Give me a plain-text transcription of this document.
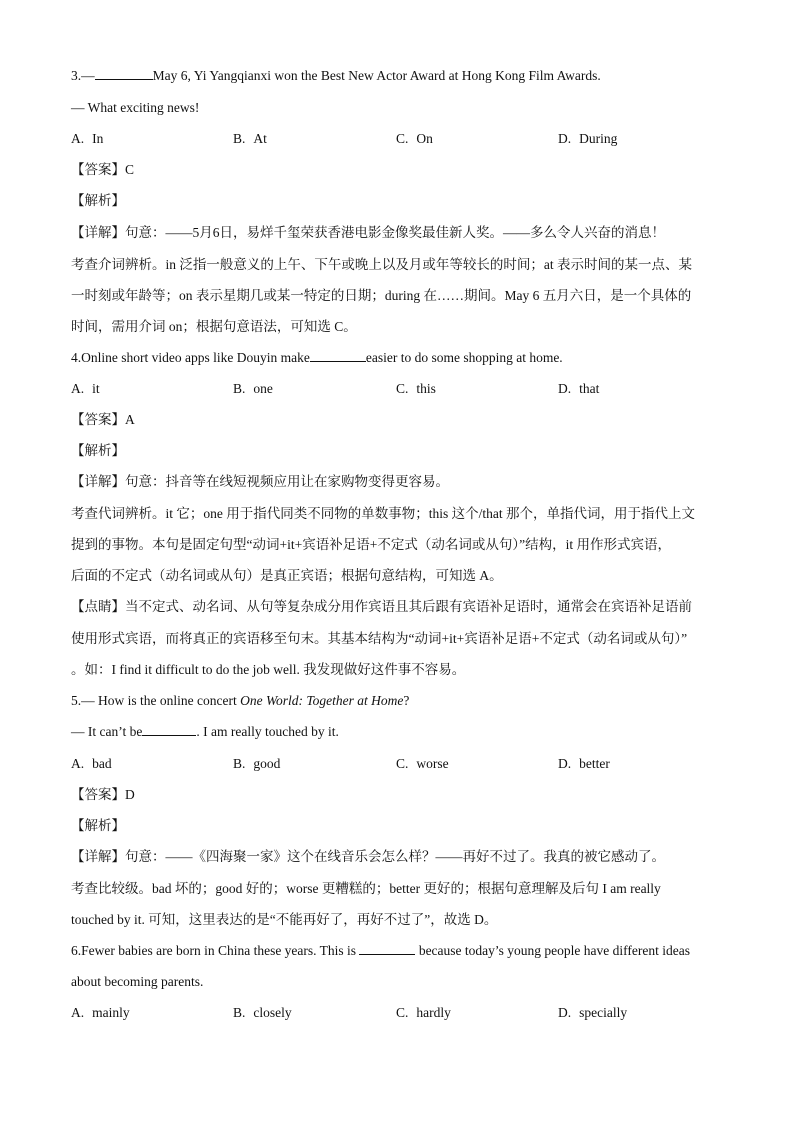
3.—	May 6, Yi Yangqianxi won the Best New Actor Award at Hong Kong Film Awards.
— What exciting news!
A. In	B. At	C. On	D. During
【答案】C
【解析】
【详解】句意：——5月6日，易烊千玺荣获香港电影金像奖最佳新人奖。——多么令人兴奋的消息！
考查介词辨析。in 泛指一般意义的上午、下午或晚上以及月或年等较长的时间；at 表示时间的某一点、某
一时刻或年龄等；on 表示星期几或某一特定的日期；during 在……期间。May 6 五月六日，是一个具体的
时间，需用介词 on；根据句意语法，可知选 C。
4.Online short video apps like Douyin make	easier to do some shopping at home.
A. it	B. one	C. this	D. that
【答案】A
【解析】
【详解】句意：抖音等在线短视频应用让在家购物变得更容易。
考查代词辨析。it 它；one 用于指代同类不同物的单数事物；this 这个/that 那个，单指代词，用于指代上文
提到的事物。本句是固定句型“动词+it+宾语补足语+不定式（动名词或从句）”结构，it 用作形式宾语，
后面的不定式（动名词或从句）是真正宾语；根据句意结构，可知选 A。
【点睛】当不定式、动名词、从句等复杂成分用作宾语且其后跟有宾语补足语时，通常会在宾语补足语前
使用形式宾语，而将真正的宾语移至句末。其基本结构为“动词+it+宾语补足语+不定式（动名词或从句）”
。如：I find it difficult to do the job well. 我发现做好这件事不容易。
5.— How is the online concert One World: Together at Home?
— It can’t be	. I am really touched by it.
A. bad	B. good	C. worse	D. better
【答案】D
【解析】
【详解】句意：——《四海聚一家》这个在线音乐会怎么样？——再好不过了。我真的被它感动了。
考查比较级。bad 坏的；good 好的；worse 更糟糕的；better 更好的；根据句意理解及后句 I am really
touched by it. 可知，这里表达的是“不能再好了，再好不过了”，故选 D。
6.Fewer babies are born in China these years. This is	because today’s young people have different ideas
about becoming parents.
A. mainly	B. closely	C. hardly	D. specially
